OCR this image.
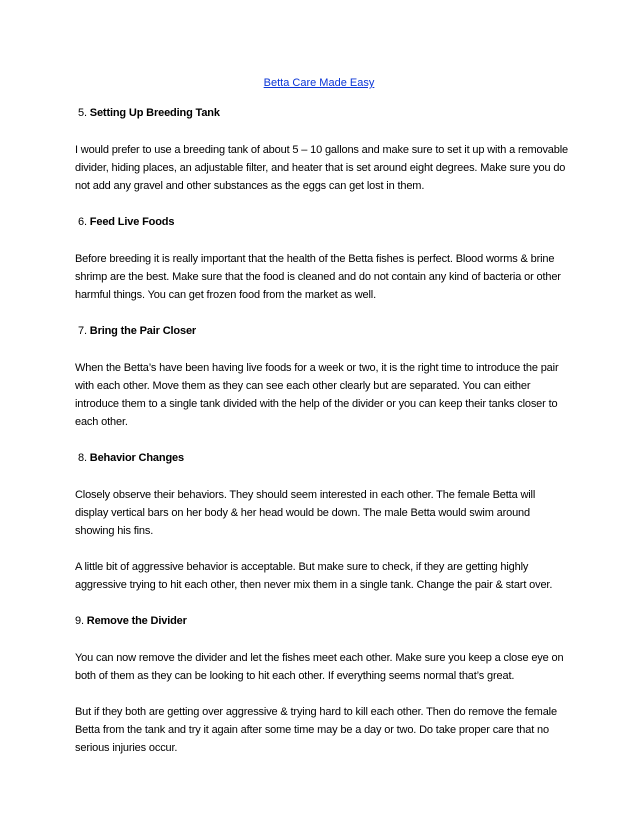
Betta Care Made Easy
5. Setting Up Breeding Tank
I would prefer to use a breeding tank of about 5 – 10 gallons and make sure to set it up with a removable divider, hiding places, an adjustable filter, and heater that is set around eight degrees. Make sure you do not add any gravel and other substances as the eggs can get lost in them.
6. Feed Live Foods
Before breeding it is really important that the health of the Betta fishes is perfect. Blood worms & brine shrimp are the best. Make sure that the food is cleaned and do not contain any kind of bacteria or other harmful things. You can get frozen food from the market as well.
7. Bring the Pair Closer
When the Betta’s have been having live foods for a week or two, it is the right time to introduce the pair with each other. Move them as they can see each other clearly but are separated. You can either introduce them to a single tank divided with the help of the divider or you can keep their tanks closer to each other.
8. Behavior Changes
Closely observe their behaviors. They should seem interested in each other. The female Betta will display vertical bars on her body & her head would be down. The male Betta would swim around showing his fins.
A little bit of aggressive behavior is acceptable. But make sure to check, if they are getting highly aggressive trying to hit each other, then never mix them in a single tank. Change the pair & start over.
9. Remove the Divider
You can now remove the divider and let the fishes meet each other. Make sure you keep a close eye on both of them as they can be looking to hit each other. If everything seems normal that’s great.
But if they both are getting over aggressive & trying hard to kill each other. Then do remove the female Betta from the tank and try it again after some time may be a day or two. Do take proper care that no serious injuries occur.
